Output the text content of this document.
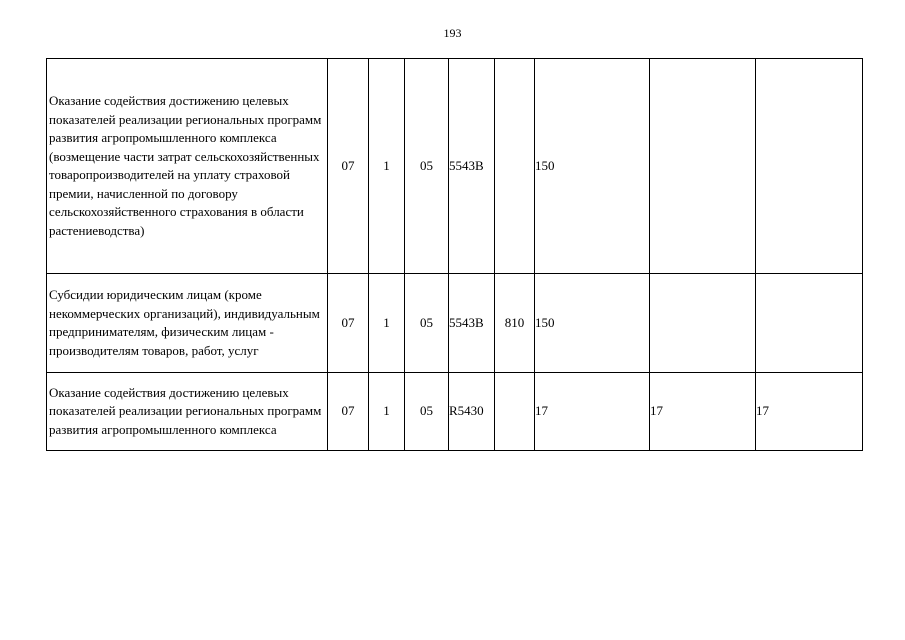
193
Оказание содействия достижению целевых показателей реализации региональных программ развития агропромышленного комплекса (возмещение части затрат сельскохозяйственных товаропроизводителей на уплату страховой премии, начисленной по договору сельскохозяйственного страхования в области растениеводства)	07	1	05	5543В		150		
Субсидии юридическим лицам (кроме некоммерческих организаций), индивидуальным предпринимателям, физическим лицам - производителям товаров, работ, услуг	07	1	05	5543В	810	150		
Оказание содействия достижению целевых показателей реализации региональных программ развития агропромышленного комплекса	07	1	05	R5430		17	17	17
